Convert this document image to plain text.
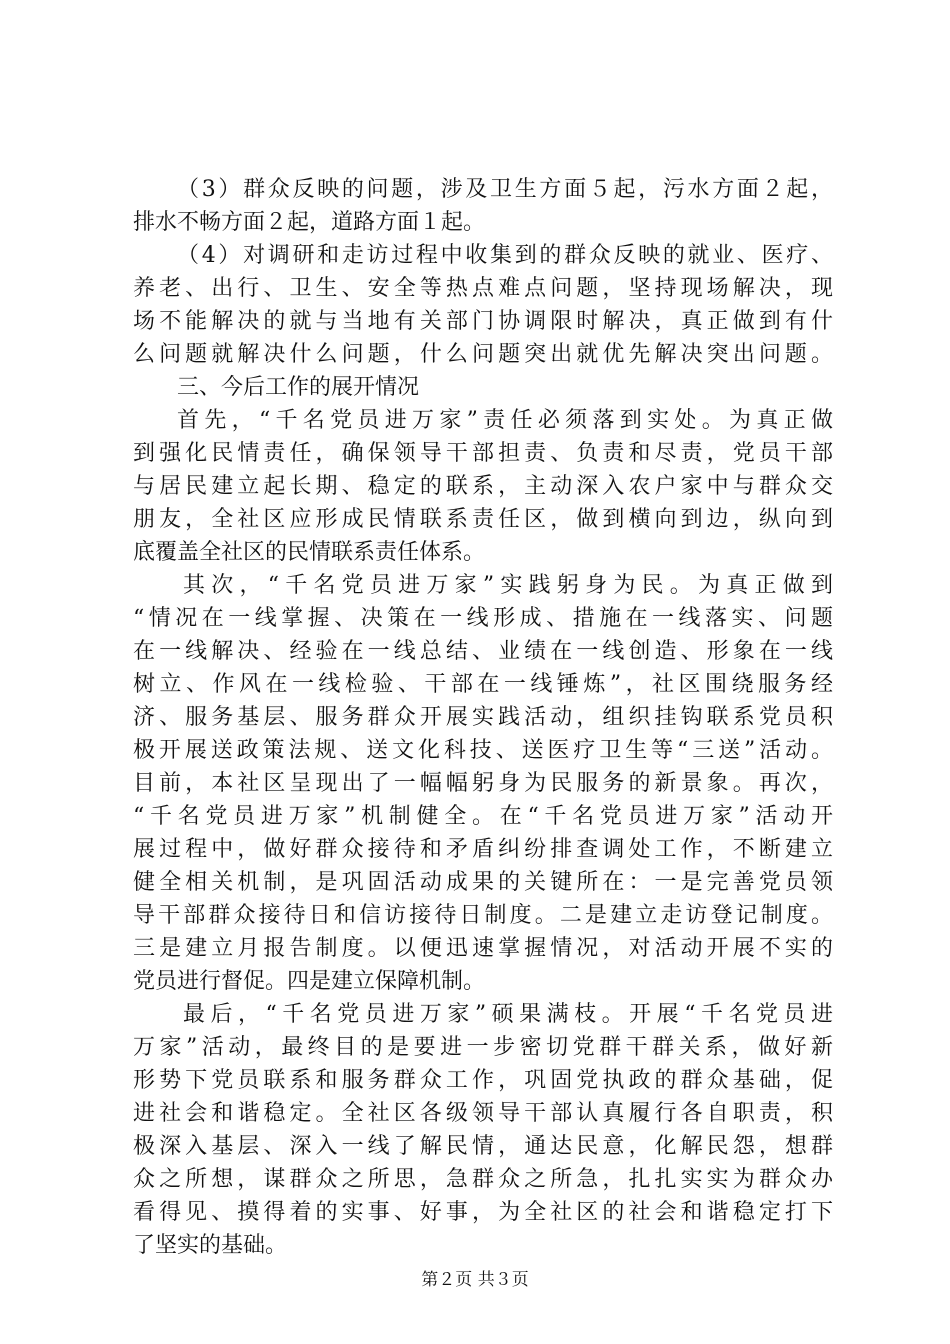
（3）群众反映的问题，涉及卫生方面５起，污水方面２起，
排水不畅方面２起，道路方面１起。
（4）对调研和走访过程中收集到的群众反映的就业、医疗、
养老、出行、卫生、安全等热点难点问题，坚持现场解决，现
场不能解决的就与当地有关部门协调限时解决，真正做到有什
么问题就解决什么问题，什么问题突出就优先解决突出问题。
三、今后工作的展开情况
首先，“千名党员进万家”责任必须落到实处。为真正做
到强化民情责任，确保领导干部担责、负责和尽责，党员干部
与居民建立起长期、稳定的联系，主动深入农户家中与群众交
朋友，全社区应形成民情联系责任区，做到横向到边，纵向到
底覆盖全社区的民情联系责任体系。
其次，“千名党员进万家”实践躬身为民。为真正做到
“情况在一线掌握、决策在一线形成、措施在一线落实、问题
在一线解决、经验在一线总结、业绩在一线创造、形象在一线
树立、作风在一线检验、干部在一线锤炼”，社区围绕服务经
济、服务基层、服务群众开展实践活动，组织挂钩联系党员积
极开展送政策法规、送文化科技、送医疗卫生等“三送”活动。
目前，本社区呈现出了一幅幅躬身为民服务的新景象。再次，
“千名党员进万家”机制健全。在“千名党员进万家”活动开
展过程中，做好群众接待和矛盾纠纷排查调处工作，不断建立
健全相关机制，是巩固活动成果的关键所在：一是完善党员领
导干部群众接待日和信访接待日制度。二是建立走访登记制度。
三是建立月报告制度。以便迅速掌握情况，对活动开展不实的
党员进行督促。四是建立保障机制。
最后，“千名党员进万家”硕果满枝。开展“千名党员进
万家”活动，最终目的是要进一步密切党群干群关系，做好新
形势下党员联系和服务群众工作，巩固党执政的群众基础，促
进社会和谐稳定。全社区各级领导干部认真履行各自职责，积
极深入基层、深入一线了解民情，通达民意，化解民怨，想群
众之所想，谋群众之所思，急群众之所急，扎扎实实为群众办
看得见、摸得着的实事、好事，为全社区的社会和谐稳定打下
了坚实的基础。
第２页 共３页
